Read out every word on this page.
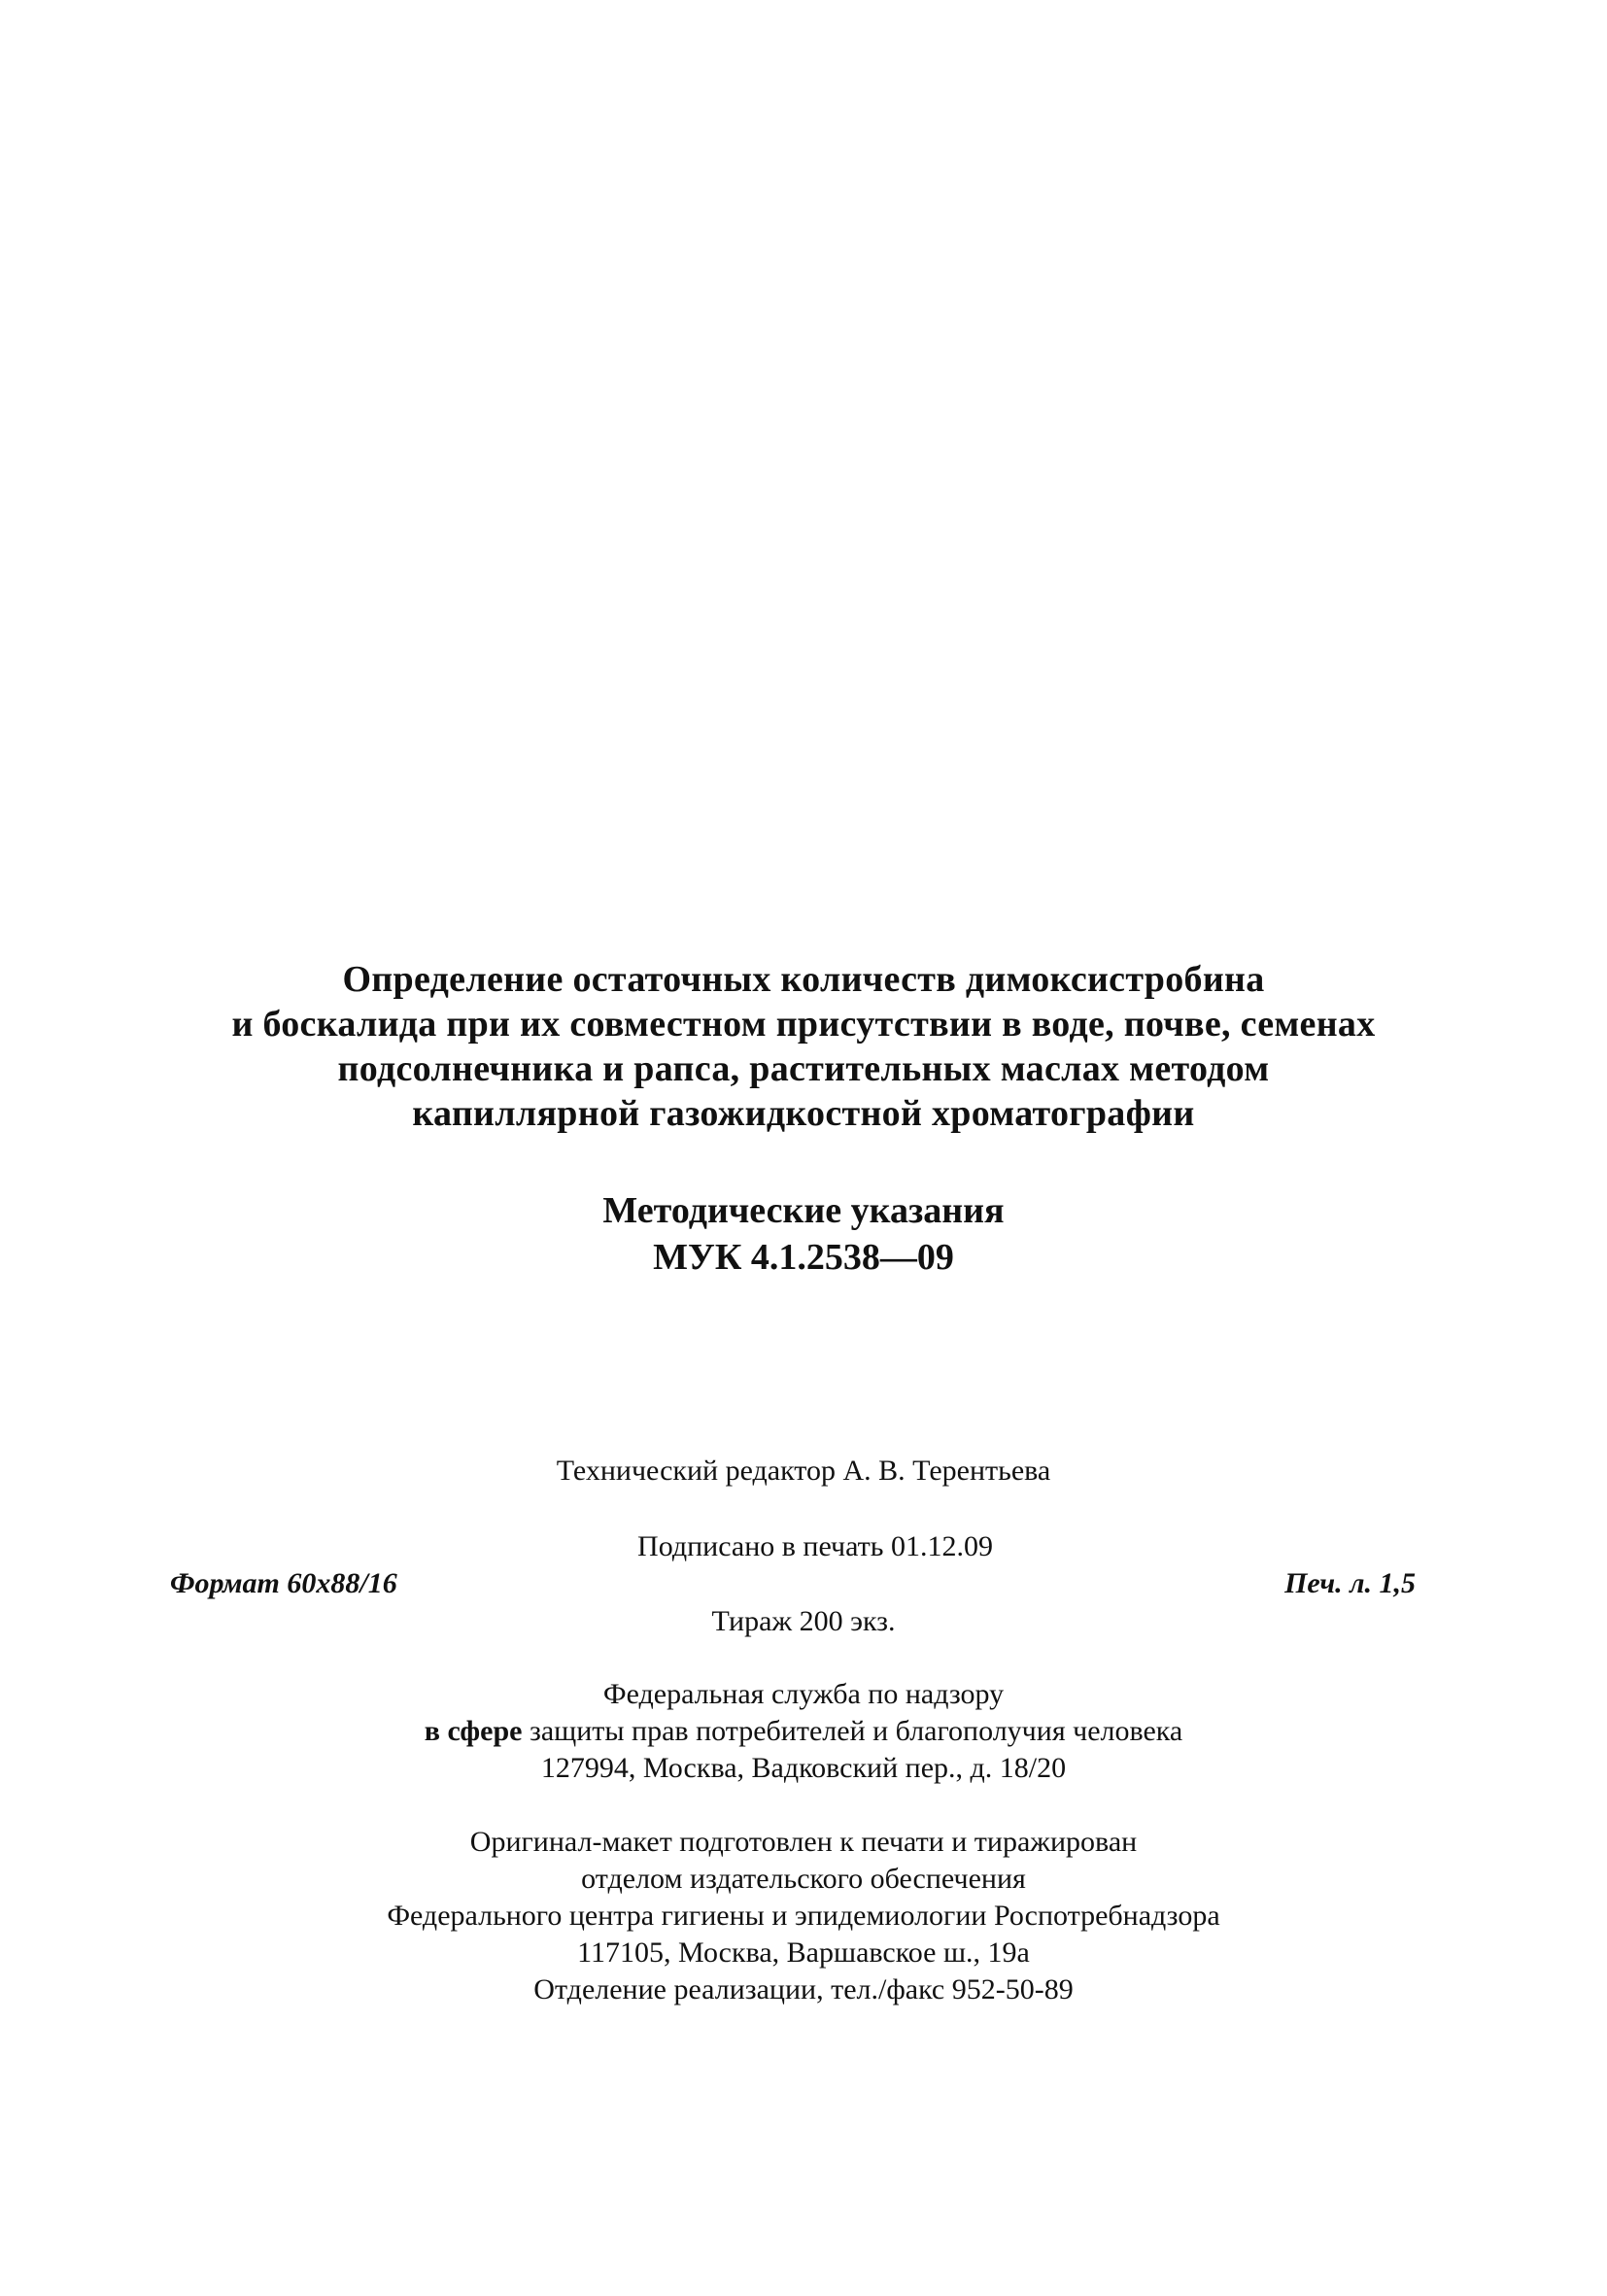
Определение остаточных количеств димоксистробина
и боскалида при их совместном присутствии в воде, почве, семенах
подсолнечника и рапса, растительных маслах методом
капиллярной газожидкостной хроматографии
Методические указания
МУК 4.1.2538—09
Технический редактор А. В. Терентьева
Подписано в печать 01.12.09
Формат 60x88/16	Печ. л. 1,5
Тираж 200 экз.
Федеральная служба по надзору
в сфере защиты прав потребителей и благополучия человека
127994, Москва, Вадковский пер., д. 18/20
Оригинал-макет подготовлен к печати и тиражирован
отделом издательского обеспечения
Федерального центра гигиены и эпидемиологии Роспотребнадзора
117105, Москва, Варшавское ш., 19а
Отделение реализации, тел./факс 952-50-89
